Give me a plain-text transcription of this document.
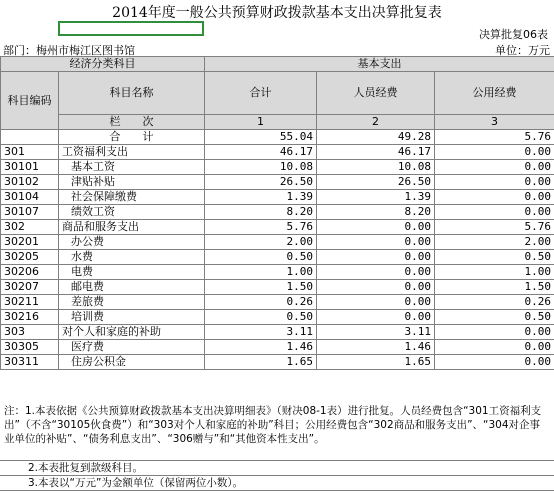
2014年度一般公共预算财政拨款基本支出决算批复表
决算批复06表
部门：梅州市梅江区图书馆	单位：万元
经济分类科目		基本支出		
科目编码	科目名称	合计	人员经费	公用经费

	栏　　次	1	2	3
	合　　计	55.04	49.28	5.76
301	工资福利支出	46.17	46.17	0.00
30101	基本工资	10.08	10.08	0.00
30102	津贴补贴	26.50	26.50	0.00
30104	社会保障缴费	1.39	1.39	0.00
30107	绩效工资	8.20	8.20	0.00
302	商品和服务支出	5.76	0.00	5.76
30201	办公费	2.00	0.00	2.00
30205	水费	0.50	0.00	0.50
30206	电费	1.00	0.00	1.00
30207	邮电费	1.50	0.00	1.50
30211	差旅费	0.26	0.00	0.26
30216	培训费	0.50	0.00	0.50
303	对个人和家庭的补助	3.11	3.11	0.00
30305	医疗费	1.46	1.46	0.00
30311	住房公积金	1.65	1.65	0.00
注：1.本表依据《公共预算财政拨款基本支出决算明细表》（财决08-1表）进行批复。人员经费包含“301工资福利支出”（不含“30105伙食费”）和“303对个人和家庭的补助”科目；公用经费包含“302商品和服务支出”、“304对企事业单位的补贴”、“债务利息支出”、“306赠与”和“其他资本性支出”。
2.本表批复到款级科目。
3.本表以“万元”为金额单位（保留两位小数）。
